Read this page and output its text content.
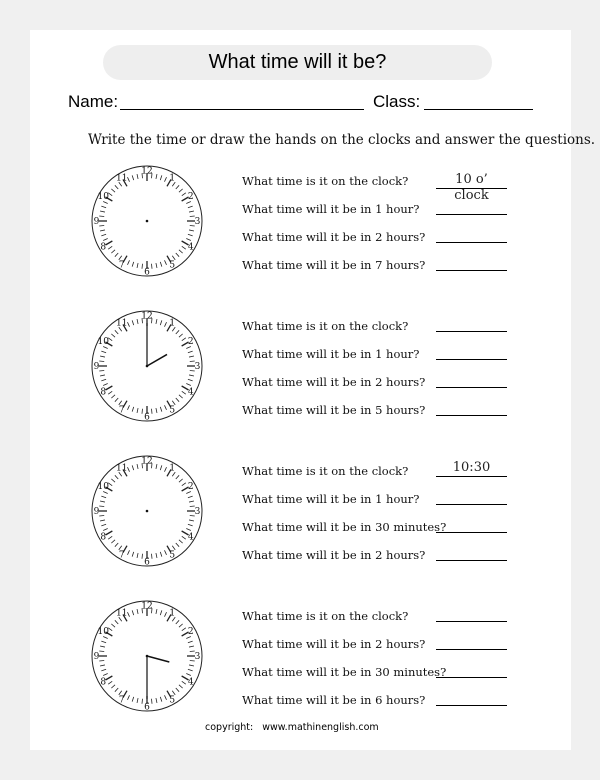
What time will it be?
Name:	Class:
Write the time or draw the hands on the clocks and answer the questions.
1
2
3
4
5
6
7
8
9
10
11
12
What time is it on the clock?	10 o’ clock
What time will it be in 1 hour?
What time will it be in 2 hours?
What time will it be in 7 hours?
1
2
3
4
5
6
7
8
9
10
11
12
What time is it on the clock?
What time will it be in 1 hour?
What time will it be in 2 hours?
What time will it be in 5 hours?
1
2
3
4
5
6
7
8
9
10
11
12
What time is it on the clock?	10:30
What time will it be in 1 hour?
What time will it be in 30 minutes?
What time will it be in 2 hours?
1
2
3
4
5
6
7
8
9
10
11
12
What time is it on the clock?
What time will it be in 2 hours?
What time will it be in 30 minutes?
What time will it be in 6 hours?
copyright: www.mathinenglish.com
